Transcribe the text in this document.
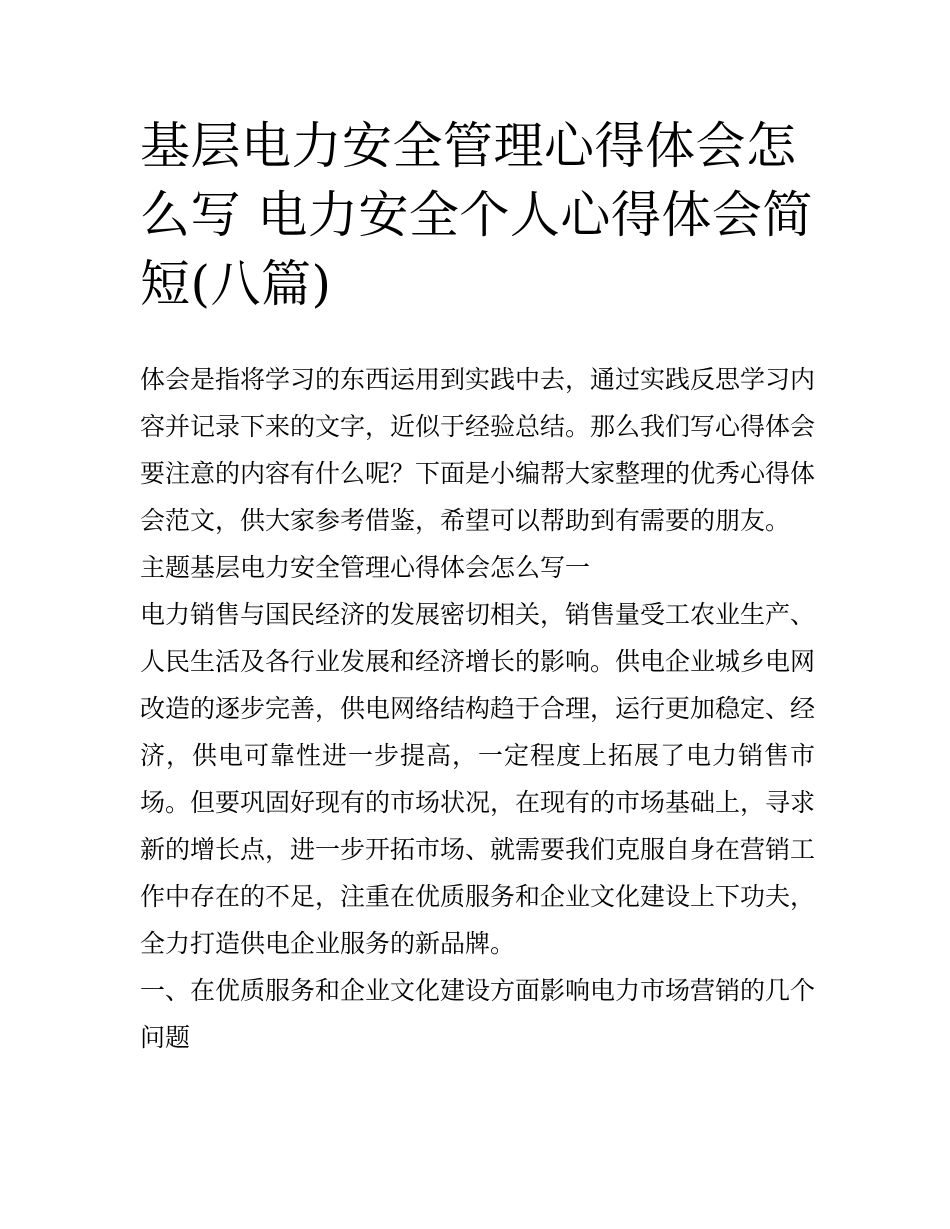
基层电力安全管理心得体会怎么写 电力安全个人心得体会简短(八篇)

体会是指将学习的东西运用到实践中去，通过实践反思学习内容并记录下来的文字，近似于经验总结。那么我们写心得体会要注意的内容有什么呢？下面是小编帮大家整理的优秀心得体会范文，供大家参考借鉴，希望可以帮助到有需要的朋友。

主题基层电力安全管理心得体会怎么写一

电力销售与国民经济的发展密切相关，销售量受工农业生产、人民生活及各行业发展和经济增长的影响。供电企业城乡电网改造的逐步完善，供电网络结构趋于合理，运行更加稳定、经济，供电可靠性进一步提高，一定程度上拓展了电力销售市场。但要巩固好现有的市场状况，在现有的市场基础上，寻求新的增长点，进一步开拓市场、就需要我们克服自身在营销工作中存在的不足，注重在优质服务和企业文化建设上下功夫，全力打造供电企业服务的新品牌。

一、在优质服务和企业文化建设方面影响电力市场营销的几个问题
